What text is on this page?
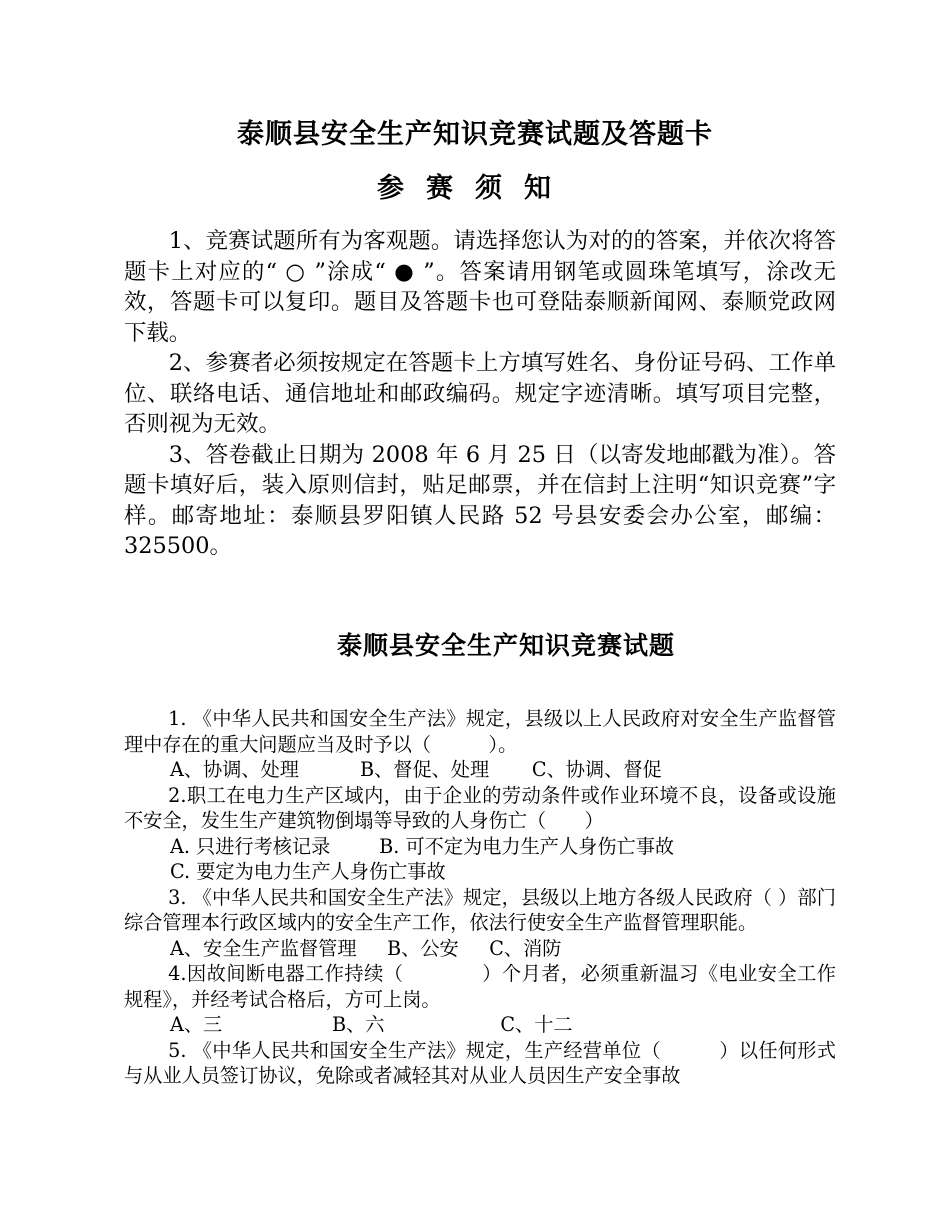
泰顺县安全生产知识竞赛试题及答题卡
参赛须知

1、竞赛试题所有为客观题。请选择您认为对的的答案，并依次将答题卡上对应的“ ○ ”涂成“ ● ”。答案请用钢笔或圆珠笔填写，涂改无效，答题卡可以复印。题目及答题卡也可登陆泰顺新闻网、泰顺党政网下载。

2、参赛者必须按规定在答题卡上方填写姓名、身份证号码、工作单位、联络电话、通信地址和邮政编码。规定字迹清晰。填写项目完整，否则视为无效。

3、答卷截止日期为 2008 年 6 月 25 日（以寄发地邮戳为准）。答题卡填好后，装入原则信封，贴足邮票，并在信封上注明“知识竞赛”字样。邮寄地址：泰顺县罗阳镇人民路 52 号县安委会办公室，邮编：325500。

泰顺县安全生产知识竞赛试题

1. 《中华人民共和国安全生产法》规定，县级以上人民政府对安全生产监督管理中存在的重大问题应当及时予以（　　　）。

A、协调、处理          B、督促、处理       C、协调、督促

2.职工在电力生产区域内，由于企业的劳动条件或作业环境不良，设备或设施不安全，发生生产建筑物倒塌等导致的人身伤亡（　　）

A. 只进行考核记录        B. 可不定为电力生产人身伤亡事故

C. 要定为电力生产人身伤亡事故

3. 《中华人民共和国安全生产法》规定，县级以上地方各级人民政府（ ）部门综合管理本行政区域内的安全生产工作，依法行使安全生产监督管理职能。

A、安全生产监督管理     B、公安     C、消防

4.因故间断电器工作持续（　　　　）个月者，必须重新温习《电业安全工作规程》，并经考试合格后，方可上岗。

A、三                  B、六                   C、十二

5. 《中华人民共和国安全生产法》规定，生产经营单位（　　　）以任何形式与从业人员签订协议，免除或者减轻其对从业人员因生产安全事故
